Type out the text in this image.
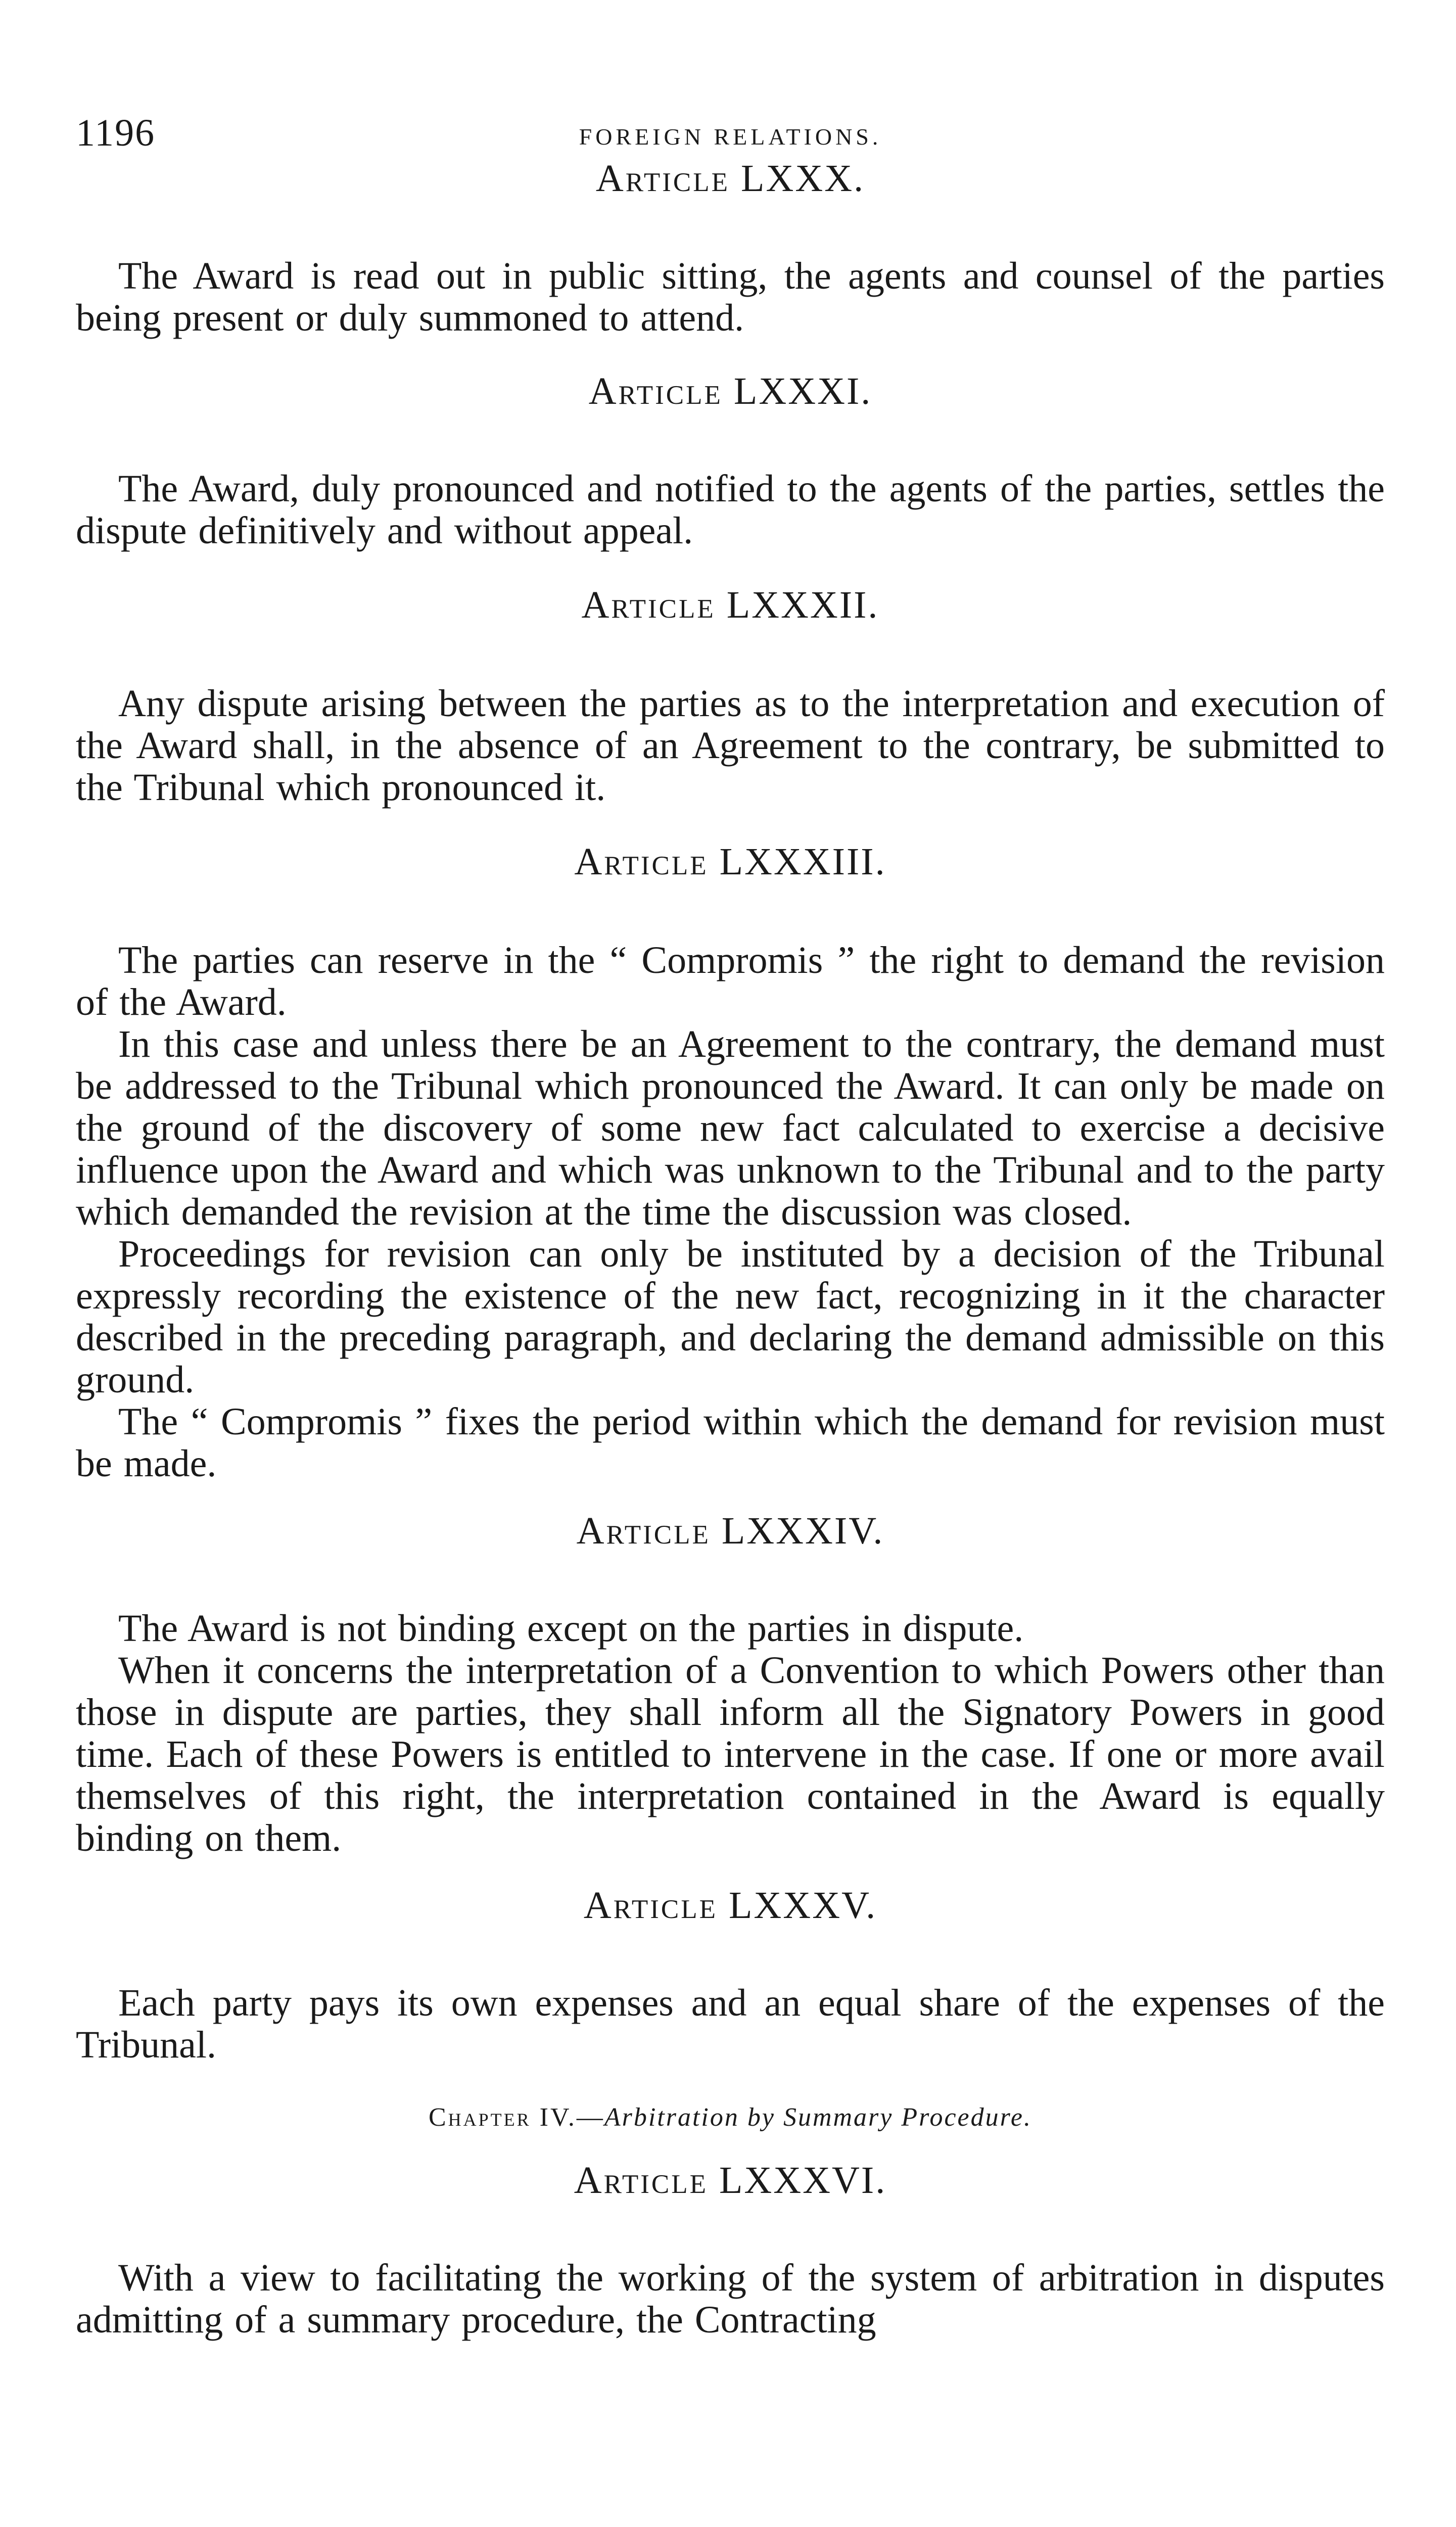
1196	FOREIGN RELATIONS.
Article LXXX.

The Award is read out in public sitting, the agents and counsel of the parties being present or duly summoned to attend.

Article LXXXI.

The Award, duly pronounced and notified to the agents of the parties, settles the dispute definitively and without appeal.

Article LXXXII.

Any dispute arising between the parties as to the interpretation and execution of the Award shall, in the absence of an Agreement to the contrary, be submitted to the Tribunal which pronounced it.

Article LXXXIII.

The parties can reserve in the “ Compromis ” the right to demand the revision of the Award.

In this case and unless there be an Agreement to the contrary, the demand must be addressed to the Tribunal which pronounced the Award. It can only be made on the ground of the discovery of some new fact calculated to exercise a decisive influence upon the Award and which was unknown to the Tribunal and to the party which demanded the revision at the time the discussion was closed.

Proceedings for revision can only be instituted by a decision of the Tribunal expressly recording the existence of the new fact, recognizing in it the character described in the preceding paragraph, and declaring the demand admissible on this ground.

The “ Compromis ” fixes the period within which the demand for revision must be made.

Article LXXXIV.

The Award is not binding except on the parties in dispute.

When it concerns the interpretation of a Convention to which Powers other than those in dispute are parties, they shall inform all the Signatory Powers in good time. Each of these Powers is entitled to intervene in the case. If one or more avail themselves of this right, the interpretation contained in the Award is equally binding on them.

Article LXXXV.

Each party pays its own expenses and an equal share of the expenses of the Tribunal.

Chapter IV.—Arbitration by Summary Procedure.
Article LXXXVI.

With a view to facilitating the working of the system of arbitration in disputes admitting of a summary procedure, the Contracting
